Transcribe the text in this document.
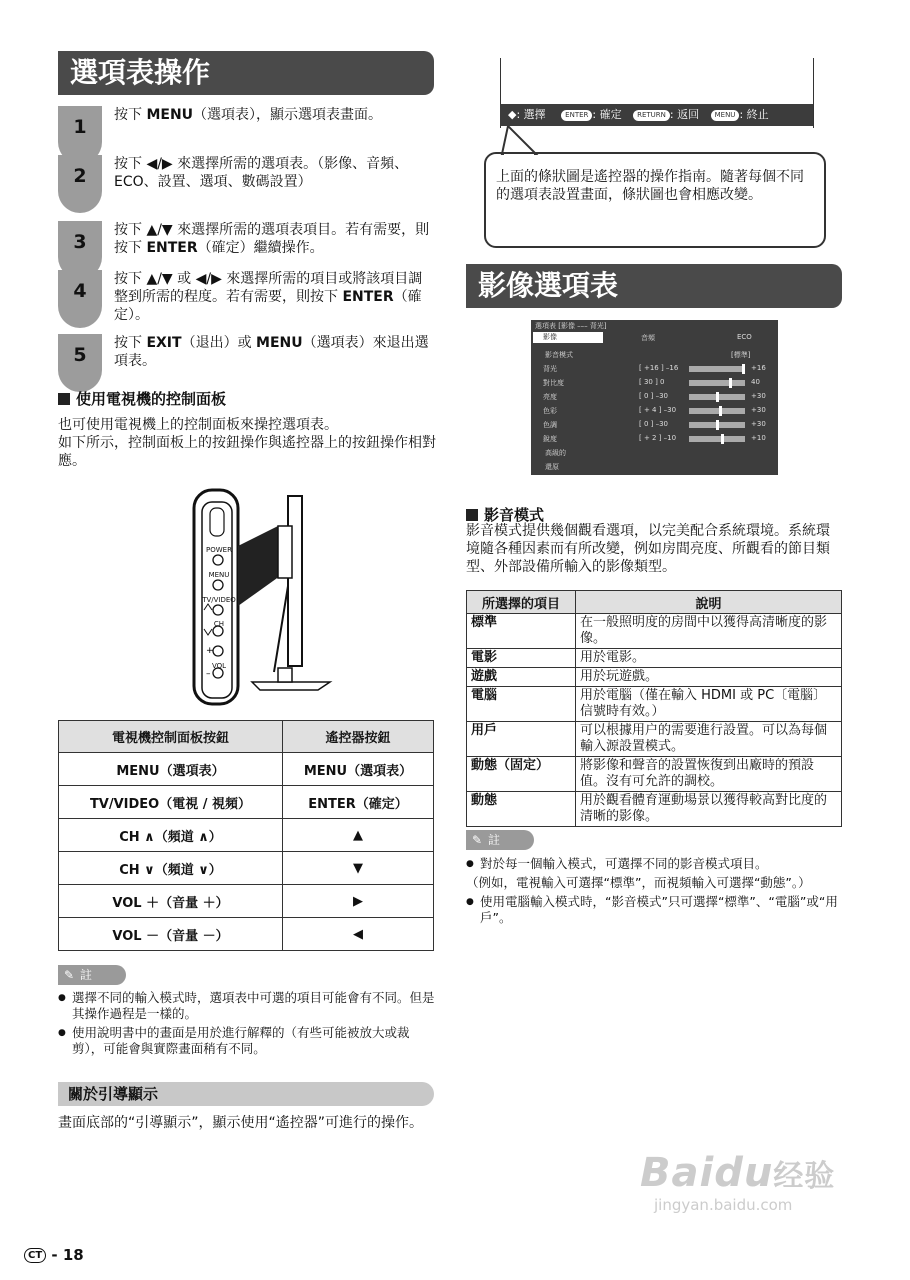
選項表操作
1
按下 MENU（選項表），顯示選項表畫面。
2
按下 ◀/▶ 來選擇所需的選項表。（影像、音頻、ECO、設置、選項、數碼設置）
3
按下 ▲/▼ 來選擇所需的選項表項目。若有需要，則按下 ENTER（確定）繼續操作。
4
按下 ▲/▼ 或 ◀/▶ 來選擇所需的項目或將該項目調整到所需的程度。若有需要，則按下 ENTER（確定）。
5
按下 EXIT（退出）或 MENU（選項表）來退出選項表。
使用電視機的控制面板
也可使用電視機上的控制面板來操控選項表。
如下所示，控制面板上的按鈕操作與遙控器上的按鈕操作相對應。
+
–
POWER
MENU
TV/VIDEO
CH
VOL
電視機控制面板按鈕	遙控器按鈕
MENU（選項表）	MENU（選項表）
TV/VIDEO（電視 / 視頻）	ENTER（確定）
CH ∧（頻道 ∧）	▲
CH ∨（頻道 ∨）	▼
VOL ＋（音量 ＋）	▶
VOL －（音量 －）	◀
✎ 註
● 選擇不同的輸入模式時，選項表中可選的項目可能會有不同。但是其操作過程是一樣的。
● 使用說明書中的畫面是用於進行解釋的（有些可能被放大或裁剪），可能會與實際畫面稍有不同。
關於引導顯示
畫面底部的“引導顯示”，顯示使用“遙控器”可進行的操作。
◆: 選擇	ENTER : 確定 RETURN : 返回 MENU : 終止
上面的條狀圖是遙控器的操作指南。隨著每個不同的選項表設置畫面，條狀圖也會相應改變。
影像選項表
選項表 [影像 ––– 背光]
影像	音頻	ECO
影音模式	[標準]
背光	[ +16 ] –16	+16
對比度	[ 30 ] 0	40
亮度	[ 0 ] –30	+30
色彩	[ + 4 ] –30	+30
色調	[ 0 ] –30	+30
銳度	[ + 2 ] –10	+10
高級的
還原
影音模式
影音模式提供幾個觀看選項，以完美配合系統環境。系統環境隨各種因素而有所改變，例如房間亮度、所觀看的節目類型、外部設備所輸入的影像類型。
所選擇的項目	說明
標準	在一般照明度的房間中以獲得高清晰度的影像。
電影	用於電影。
遊戲	用於玩遊戲。
電腦	用於電腦（僅在輸入 HDMI 或 PC〔電腦〕信號時有效。）
用戶	可以根據用户的需要進行設置。可以為每個輸入源設置模式。
動態（固定）	將影像和聲音的設置恢復到出廠時的預設值。沒有可允許的調校。
動態	用於觀看體育運動場景以獲得較高對比度的清晰的影像。
✎ 註
● 對於每一個輸入模式，可選擇不同的影音模式項目。
（例如，電視輸入可選擇“標準”，而視頻輸入可選擇“動態”。）
● 使用電腦輸入模式時，“影音模式”只可選擇“標準”、“電腦”或“用戶”。
CT - 18
Baidu经验
jingyan.baidu.com
